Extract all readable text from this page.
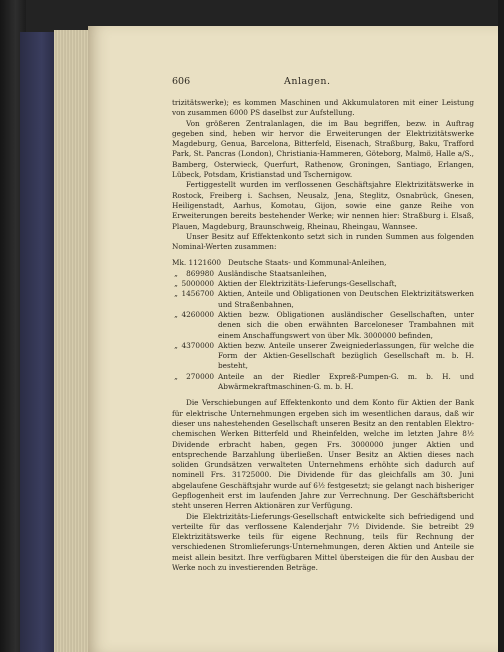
606	Anlagen.

trizitätswerke); es kommen Maschinen und Akkumulatoren mit einer Leistung von zusammen 6000 PS daselbst zur Aufstellung.

Von größeren Zentralanlagen, die im Bau begriffen, bezw. in Auftrag gegeben sind, heben wir hervor die Erweiterungen der Elektrizitätswerke Magdeburg, Genua, Barcelona, Bitterfeld, Eisenach, Straßburg, Baku, Trafford Park, St. Pancras (London), Christiania-Hammeren, Göteborg, Malmö, Halle a/S., Bamberg, Osterwieck, Querfurt, Rathenow, Groningen, Santiago, Erlangen, Lübeck, Potsdam, Kristianstad und Tschernigow.

Fertiggestellt wurden im verflossenen Geschäftsjahre Elektrizitätswerke in Rostock, Freiberg i. Sachsen, Neusalz, Jena, Steglitz, Osnabrück, Gnesen, Heiligenstadt, Aarhus, Komotau, Gijon, sowie eine ganze Reihe von Erweiterungen bereits bestehender Werke; wir nennen hier: Straßburg i. Elsaß, Plauen, Magdeburg, Braunschweig, Rheinau, Rheingau, Wannsee.

Unser Besitz auf Effektenkonto setzt sich in runden Summen aus folgenden Nominal-Werten zusammen:

Mk. 1121600 Deutsche Staats- und Kommunal-Anleihen,
„	869980 Ausländische Staatsanleihen,
„ 5000000 Aktien der Elektrizitäts-Lieferungs-Gesellschaft,
„ 1456700 Aktien, Anteile und Obligationen von Deutschen Elektrizitätswerken und Straßenbahnen,
„ 4260000 Aktien bezw. Obligationen ausländischer Gesellschaften, unter denen sich die oben erwähnten Barceloneser Trambahnen mit einem Anschaffungswert von über Mk. 3000000 befinden,
„ 4370000 Aktien bezw. Anteile unserer Zweigniederlassungen, für welche die Form der Aktien-Gesellschaft bezüglich Gesellschaft m. b. H. besteht,
„	270000 Anteile an der Riedler Expreß-Pumpen-G. m. b. H. und Abwärmekraftmaschinen-G. m. b. H.

Die Verschiebungen auf Effektenkonto und dem Konto für Aktien der Bank für elektrische Unternehmungen ergeben sich im wesentlichen daraus, daß wir dieser uns nahestehenden Gesellschaft unseren Besitz an den rentablen Elektro-chemischen Werken Bitterfeld und Rheinfelden, welche im letzten Jahre 8½ Dividende erbracht haben, gegen Frs. 3000000 junger Aktien und entsprechende Barzahlung überließen. Unser Besitz an Aktien dieses nach soliden Grundsätzen verwalteten Unternehmens erhöhte sich dadurch auf nominell Frs. 31725000. Die Dividende für das gleichfalls am 30. Juni abgelaufene Geschäftsjahr wurde auf 6½ festgesetzt; sie gelangt nach bisheriger Gepflogenheit erst im laufenden Jahre zur Verrechnung. Der Geschäftsbericht steht unseren Herren Aktionären zur Verfügung.

Die Elektrizitäts-Lieferungs-Gesellschaft entwickelte sich befriedigend und verteilte für das verflossene Kalenderjahr 7½ Dividende. Sie betreibt 29 Elektrizitätswerke teils für eigene Rechnung, teils für Rechnung der verschiedenen Stromlieferungs-Unternehmungen, deren Aktien und Anteile sie meist allein besitzt. Ihre verfügbaren Mittel übersteigen die für den Ausbau der Werke noch zu investierenden Beträge.
